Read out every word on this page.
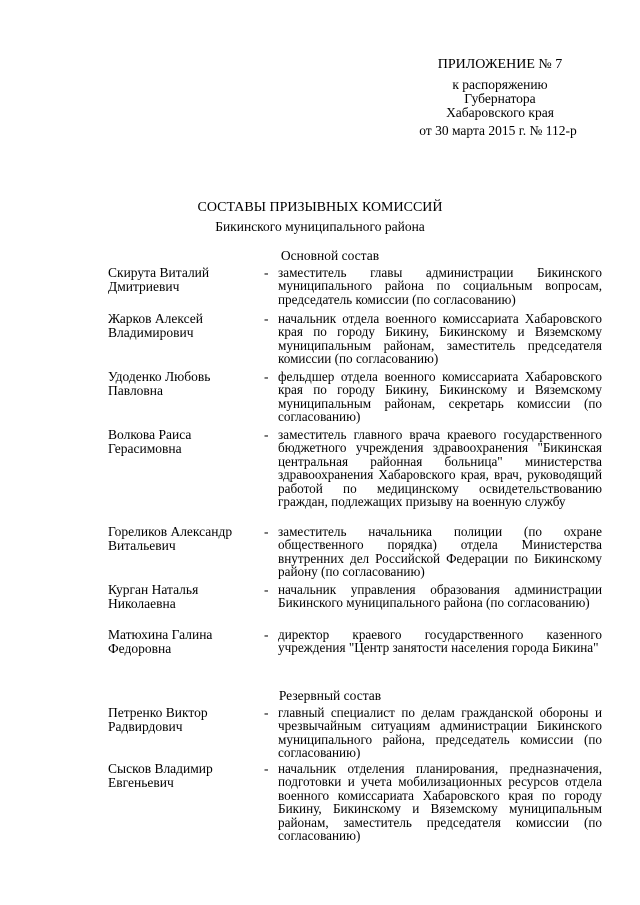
ПРИЛОЖЕНИЕ № 7
к распоряжению
Губернатора
Хабаровского края
от 30 марта 2015 г. № 112-р
СОСТАВЫ ПРИЗЫВНЫХ КОМИССИЙ
Бикинского муниципального района
Основной состав
Скирута Виталий
Дмитриевич
- заместитель главы администрации Бикинского муниципального района по социальным вопросам, председатель комиссии (по согласованию)
Жарков Алексей
Владимирович
- начальник отдела военного комиссариата Хабаровского края по городу Бикину, Бикинскому и Вяземскому муниципальным районам, заместитель председателя комиссии (по согласованию)
Удоденко Любовь
Павловна
- фельдшер отдела военного комиссариата Хабаровского края по городу Бикину, Бикинскому и Вяземскому муниципальным районам, секретарь комиссии (по согласованию)
Волкова Раиса
Герасимовна
- заместитель главного врача краевого государственного бюджетного учреждения здравоохранения "Бикинская центральная районная больница" министерства здравоохранения Хабаровского края, врач, руководящий работой по медицинскому освидетельствованию граждан, подлежащих призыву на военную службу
Гореликов Александр
Витальевич
- заместитель начальника полиции (по охране общественного порядка) отдела Министерства внутренних дел Российской Федерации по Бикинскому району (по согласованию)
Курган Наталья
Николаевна
- начальник управления образования администрации Бикинского муниципального района (по согласованию)
Матюхина Галина
Федоровна
- директор краевого государственного казенного учреждения "Центр занятости населения города Бикина"
Резервный состав
Петренко Виктор
Радвирдович
- главный специалист по делам гражданской обороны и чрезвычайным ситуациям администрации Бикинского муниципального района, председатель комиссии (по согласованию)
Сысков Владимир
Евгеньевич
- начальник отделения планирования, предназначения, подготовки и учета мобилизационных ресурсов отдела военного комиссариата Хабаровского края по городу Бикину, Бикинскому и Вяземскому муниципальным районам, заместитель председателя комиссии (по согласованию)
